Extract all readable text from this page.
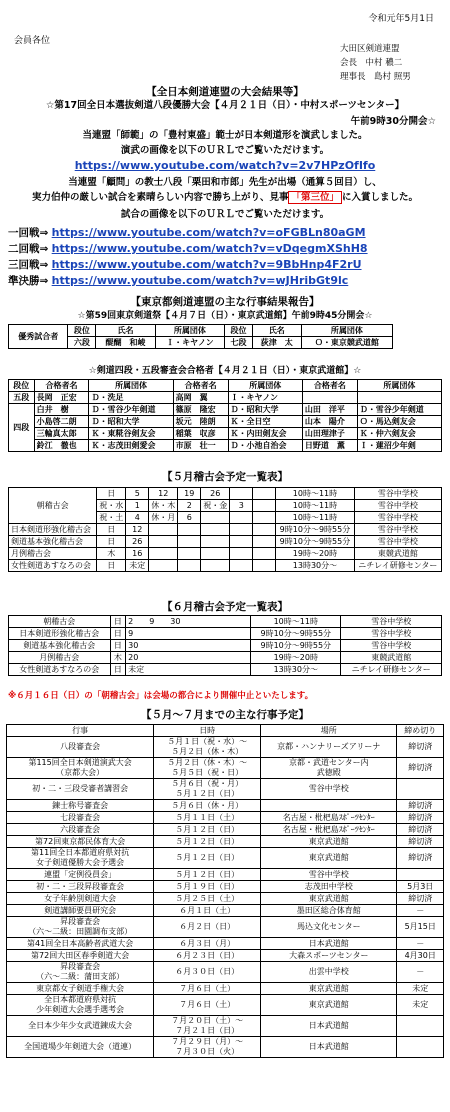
令和元年5月1日
会員各位
大田区剣道連盟
会長　中村 穠二
理事長　島村 照男
【全日本剣道連盟の大会結果等】
☆第17回全日本選抜剣道八段優勝大会【４月２１日（日）・中村スポーツセンター】
午前9時30分開会☆
当連盟「師範」の「豊村東盛」範士が日本剣道形を演武しました。
演武の画像を以下のＵＲＬでご覧いただけます。
https://www.youtube.com/watch?v=2v7HPzOfIfo
当連盟「顧問」の教士八段「栗田和市郎」先生が出場（通算５回目）し、
実力伯仲の厳しい試合を素晴らしい内容で勝ち上がり、見事 「第三位」 に入賞しました。
試合の画像を以下のＵＲＬでご覧いただけます。
一回戦⇒ https://www.youtube.com/watch?v=oFGBLn80aGM
二回戦⇒ https://www.youtube.com/watch?v=vDqegmXShH8
三回戦⇒ https://www.youtube.com/watch?v=9BbHnp4F2rU
準決勝⇒ https://www.youtube.com/watch?v=wJHribGt9lc
【東京都剣道連盟の主な行事結果報告】
☆第59回東京剣道祭【４月７日（日）・東京武道館】午前9時45分開会☆
優秀試合者	段位	氏名	所属団体	段位	氏名	所属団体
	六段	醍醐　和崚	Ｉ・キヤノン	七段	荻津　太	Ｏ・東京競武道館
☆剣道四段・五段審査会合格者【４月２１日（日）・東京武道館】☆
段位	合格者名	所属団体	合格者名	所属団体	合格者名	所属団体
五段	長岡　正宏	Ｄ・洗足	高岡　翼	Ｉ・キヤノン		
四段	白井　樹	Ｄ・雪谷少年剣道	篠原　隆宏	Ｄ・昭和大学	山田　洋平	Ｄ・雪谷少年剣道
	小島啓二朗	Ｄ・昭和大学	坂元　陸朗	Ｋ・全日空	山本　陽介	Ｏ・馬込剣友会
	三輪真太郎	Ｋ・東糀谷剣友会	稲葉　収彦	Ｋ・内田剣友会	山田理津子	Ｋ・仲六剣友会
	鈴江　徹也	Ｋ・志茂田剣愛会	市原　壮一	Ｄ・小池自治会	日野道　薫	Ｉ・蓮沼少年剣
【５月稽古会予定一覧表】
朝稽古会	日	5	12	19	26			10時～11時	雪谷中学校
	祝・水	1	休・木	2	祝・金	3		10時～11時	雪谷中学校
	祝・土	4	休・月	6				10時～11時	雪谷中学校
日本剣道形強化稽古会	日	12						9時10分～9時55分	雪谷中学校
剣道基本強化稽古会	日	26						9時10分～9時55分	雪谷中学校
月例稽古会	木	16						19時～20時	東競武道館
女性剣道あすなろの会	日	未定						13時30分～	ニチレイ研修センター
【６月稽古会予定一覧表】
朝稽古会	日	2　　9　　30	10時～11時	雪谷中学校
日本剣道形強化稽古会	日	9	9時10分～9時55分	雪谷中学校
剣道基本強化稽古会	日	30	9時10分～9時55分	雪谷中学校
月例稽古会	木	20	19時～20時	東競武道館
女性剣道あすなろの会	日	未定	13時30分～	ニチレイ研修センター
※６月１６日（日）の「朝稽古会」は会場の都合により開催中止といたします。
【５月～７月までの主な行事予定】
行事	日時	場所	締め切り
八段審査会	５月１日（祝・水）～
５月２日（休・木）	京都・ハンナリーズアリーナ	締切済
第115回全日本剣道演武大会
（京都大会）	５月２日（休・木）～
５月５日（祝・日）	京都・武道センター内
武徳殿	締切済
初・二・三段受審者講習会	５月６日（祝・月）
５月１２日（日）	雪谷中学校	
錬士称号審査会	５月６日（休・月）		締切済
七段審査会	５月１１日（土）	名古屋・枇杷島ｽﾎﾟｰﾂｾﾝﾀｰ	締切済
六段審査会	５月１２日（日）	名古屋・枇杷島ｽﾎﾟｰﾂｾﾝﾀｰ	締切済
第72回東京都民体育大会	５月１２日（日）	東京武道館	締切済
第11回全日本都道府県対抗
女子剣道優勝大会予選会	５月１２日（日）	東京武道館	締切済
連盟「定例役員会」	５月１２日（日）	雪谷中学校	
初・二・三段昇段審査会	５月１９日（日）	志茂田中学校	5月3日
女子年齢別剣道大会	５月２５日（土）	東京武道館	締切済
剣道講師要員研究会	６月１日（土）	墨田区総合体育館	－
昇段審査会
（六～二級：田園調布支部）	６月２日（日）	馬込文化センター	5月15日
第41回全日本高齢者武道大会	６月３日（月）	日本武道館	－
第72回大田区春季剣道大会	６月２３日（日）	大森スポーツセンター	4月30日
昇段審査会
（六～二級：蒲田支部）	６月３０日（日）	出雲中学校	－
東京都女子剣道手権大会	７月６日（土）	東京武道館	未定
全日本都道府県対抗
少年剣道大会選手選考会	７月６日（土）	東京武道館	未定
全日本少年少女武道錬成大会	７月２０日（土）～
７月２１日（日）	日本武道館	
全国道場少年剣道大会（道連）	７月２９日（月）～
７月３０日（火）	日本武道館	
